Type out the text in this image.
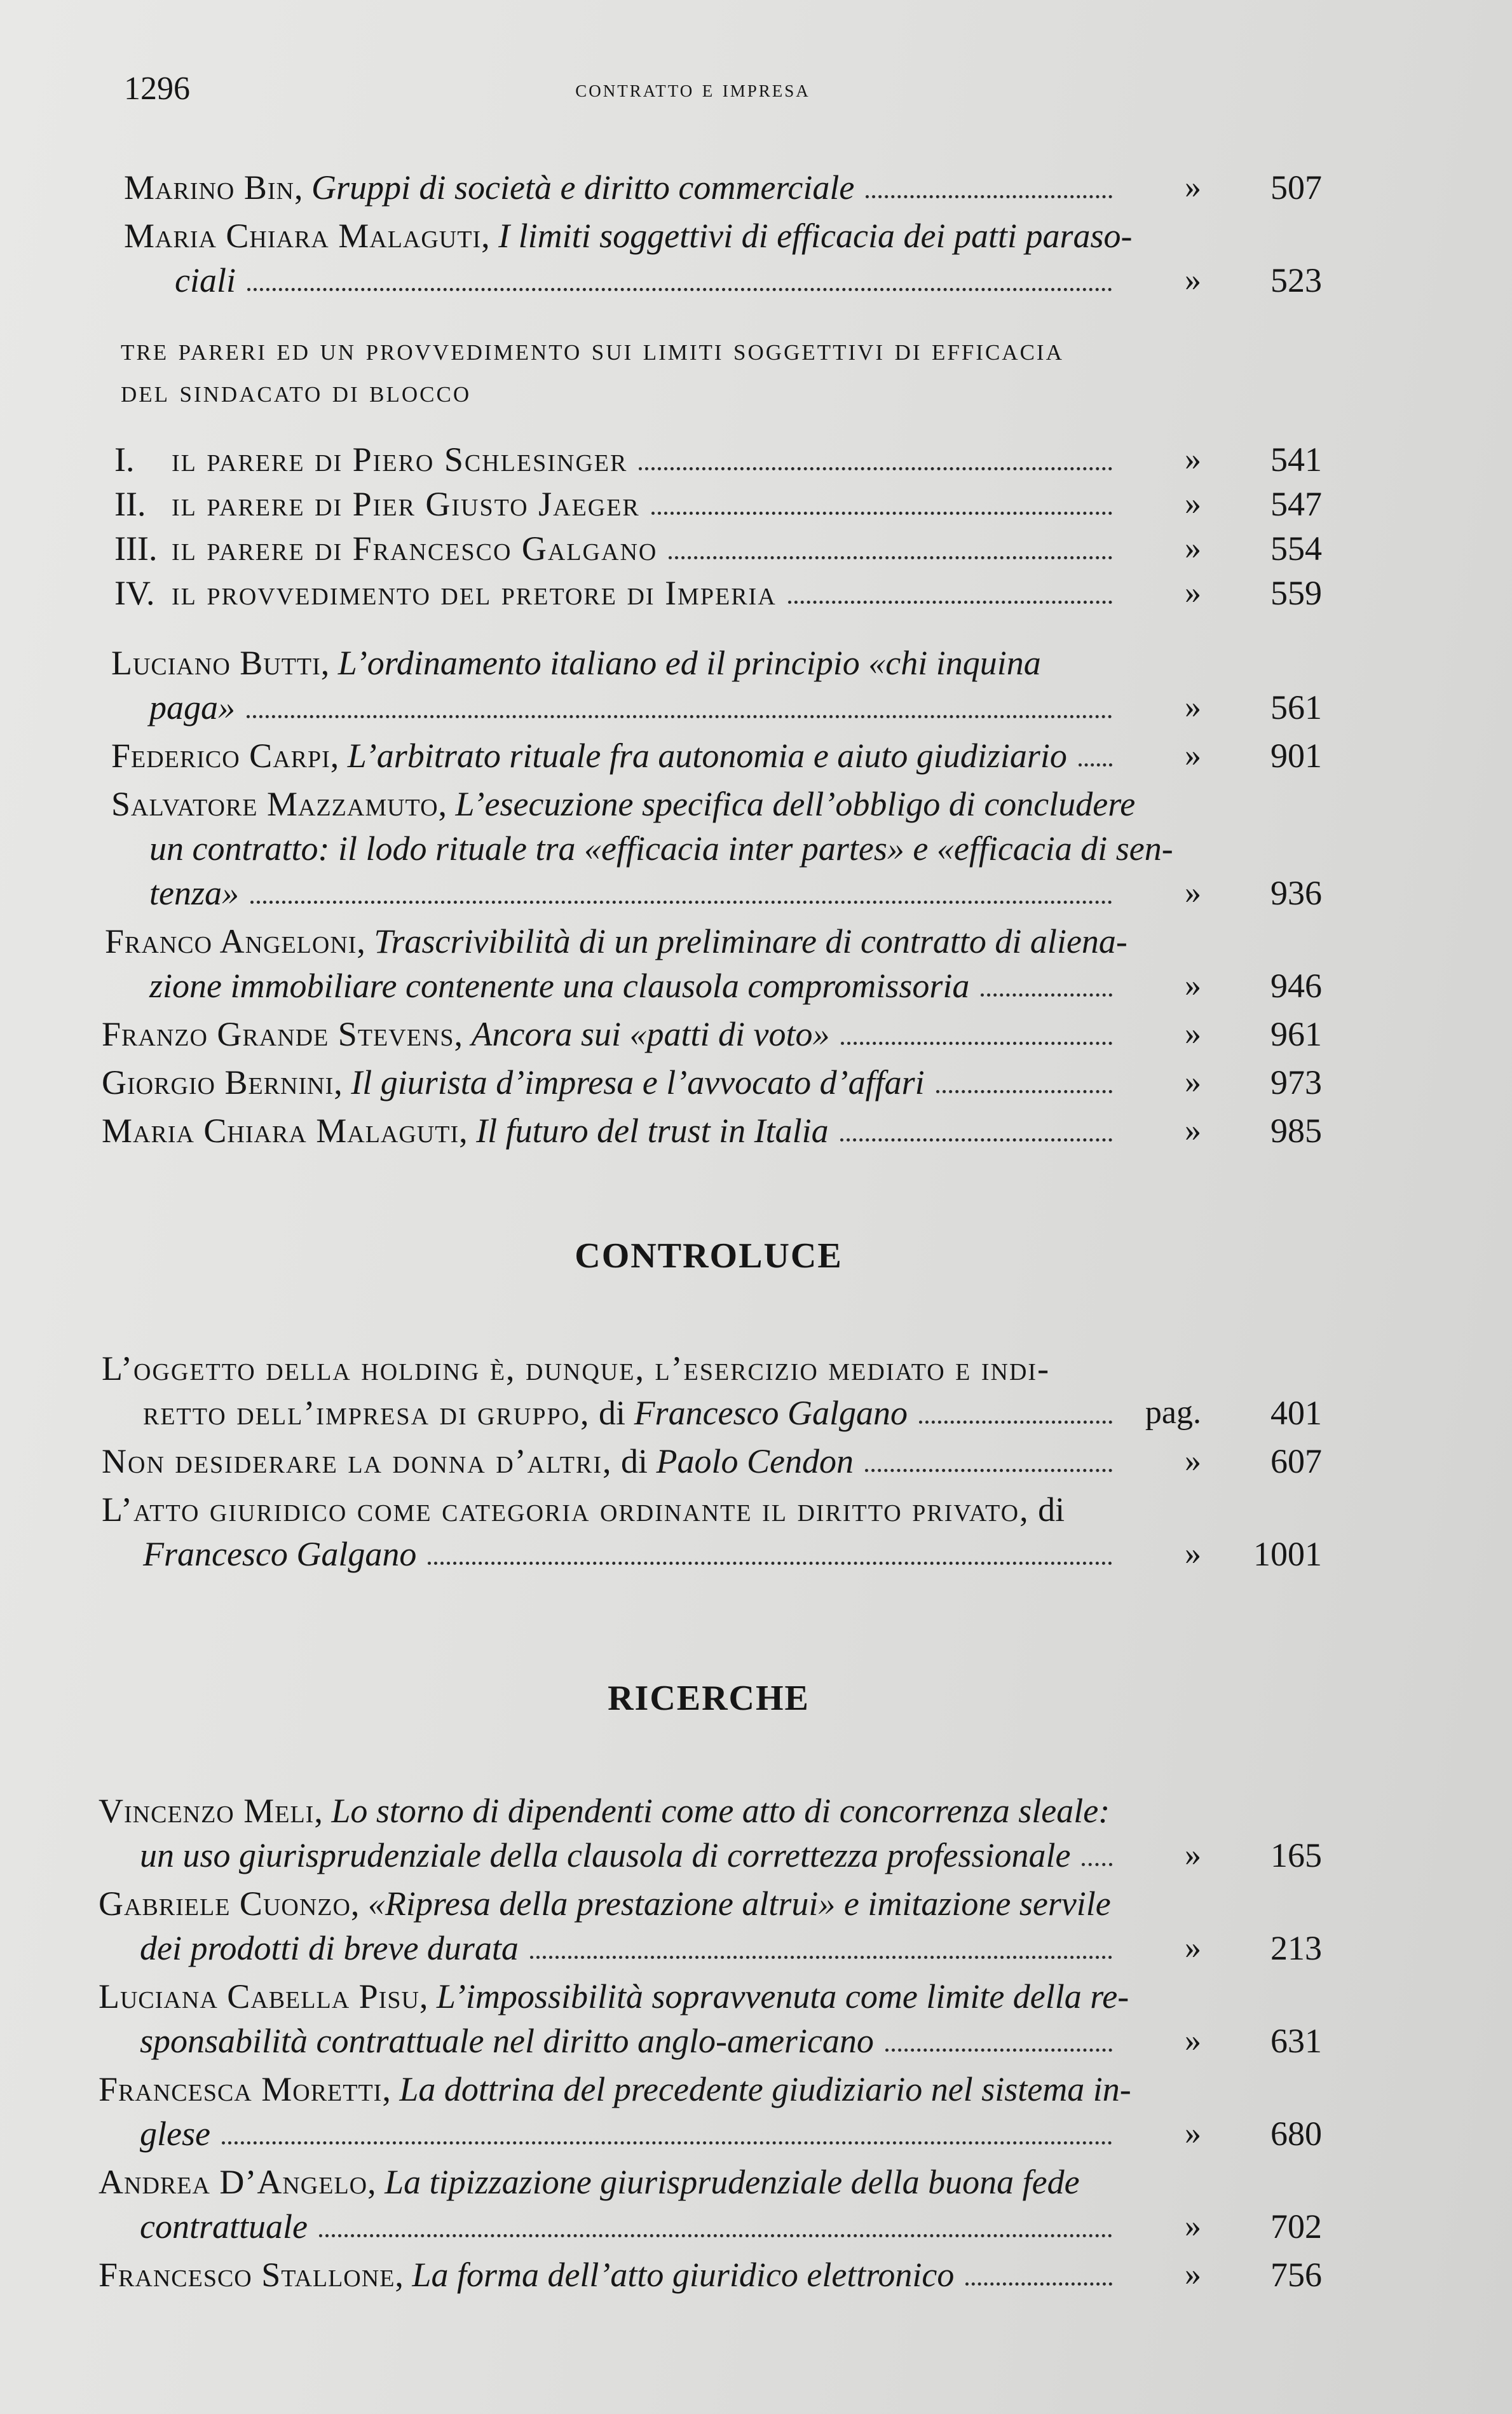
1296	contratto e impresa
Marino Bin , Gruppi di società e diritto commerciale	»	507
Maria Chiara Malaguti , I limiti soggettivi di efficacia dei patti paraso-
ciali	»	523
tre pareri ed un provvedimento sui limiti soggettivi di efficacia
del sindacato di blocco
I.	il parere di Piero Schlesinger	»	541
II. il parere di Pier Giusto Jaeger	»	547
III. il parere di Francesco Galgano	»	554
IV. il provvedimento del pretore di Imperia	»	559
Luciano Butti , L’ordinamento italiano ed il principio «chi inquina
paga»	»	561
Federico Carpi , L’arbitrato rituale fra autonomia e aiuto giudiziario	»	901
Salvatore Mazzamuto , L’esecuzione specifica dell’obbligo di concludere
un contratto: il lodo rituale tra «efficacia inter partes» e «efficacia di sen-
tenza»	»	936
Franco Angeloni , Trascrivibilità di un preliminare di contratto di aliena-
zione immobiliare contenente una clausola compromissoria	»	946
Franzo Grande Stevens , Ancora sui «patti di voto»	»	961
Giorgio Bernini , Il giurista d’impresa e l’avvocato d’affari	»	973
Maria Chiara Malaguti , Il futuro del trust in Italia	»	985
CONTROLUCE
L’oggetto della holding è, dunque, l’esercizio mediato e indi-
retto dell’impresa di gruppo,
di
Francesco Galgano	pag.	401
Non desiderare la donna d’altri,
di
Paolo Cendon	»	607
L’atto giuridico come categoria ordinante il diritto privato,
di
Francesco Galgano	»	1001
RICERCHE
Vincenzo Meli , Lo storno di dipendenti come atto di concorrenza sleale:
un uso giurisprudenziale della clausola di correttezza professionale	»	165
Gabriele Cuonzo , «Ripresa della prestazione altrui» e imitazione servile
dei prodotti di breve durata	»	213
Luciana Cabella Pisu , L’impossibilità sopravvenuta come limite della re-
sponsabilità contrattuale nel diritto anglo-americano	»	631
Francesca Moretti , La dottrina del precedente giudiziario nel sistema in-
glese	»	680
Andrea D’Angelo , La tipizzazione giurisprudenziale della buona fede
contrattuale	»	702
Francesco Stallone , La forma dell’atto giuridico elettronico	»	756
